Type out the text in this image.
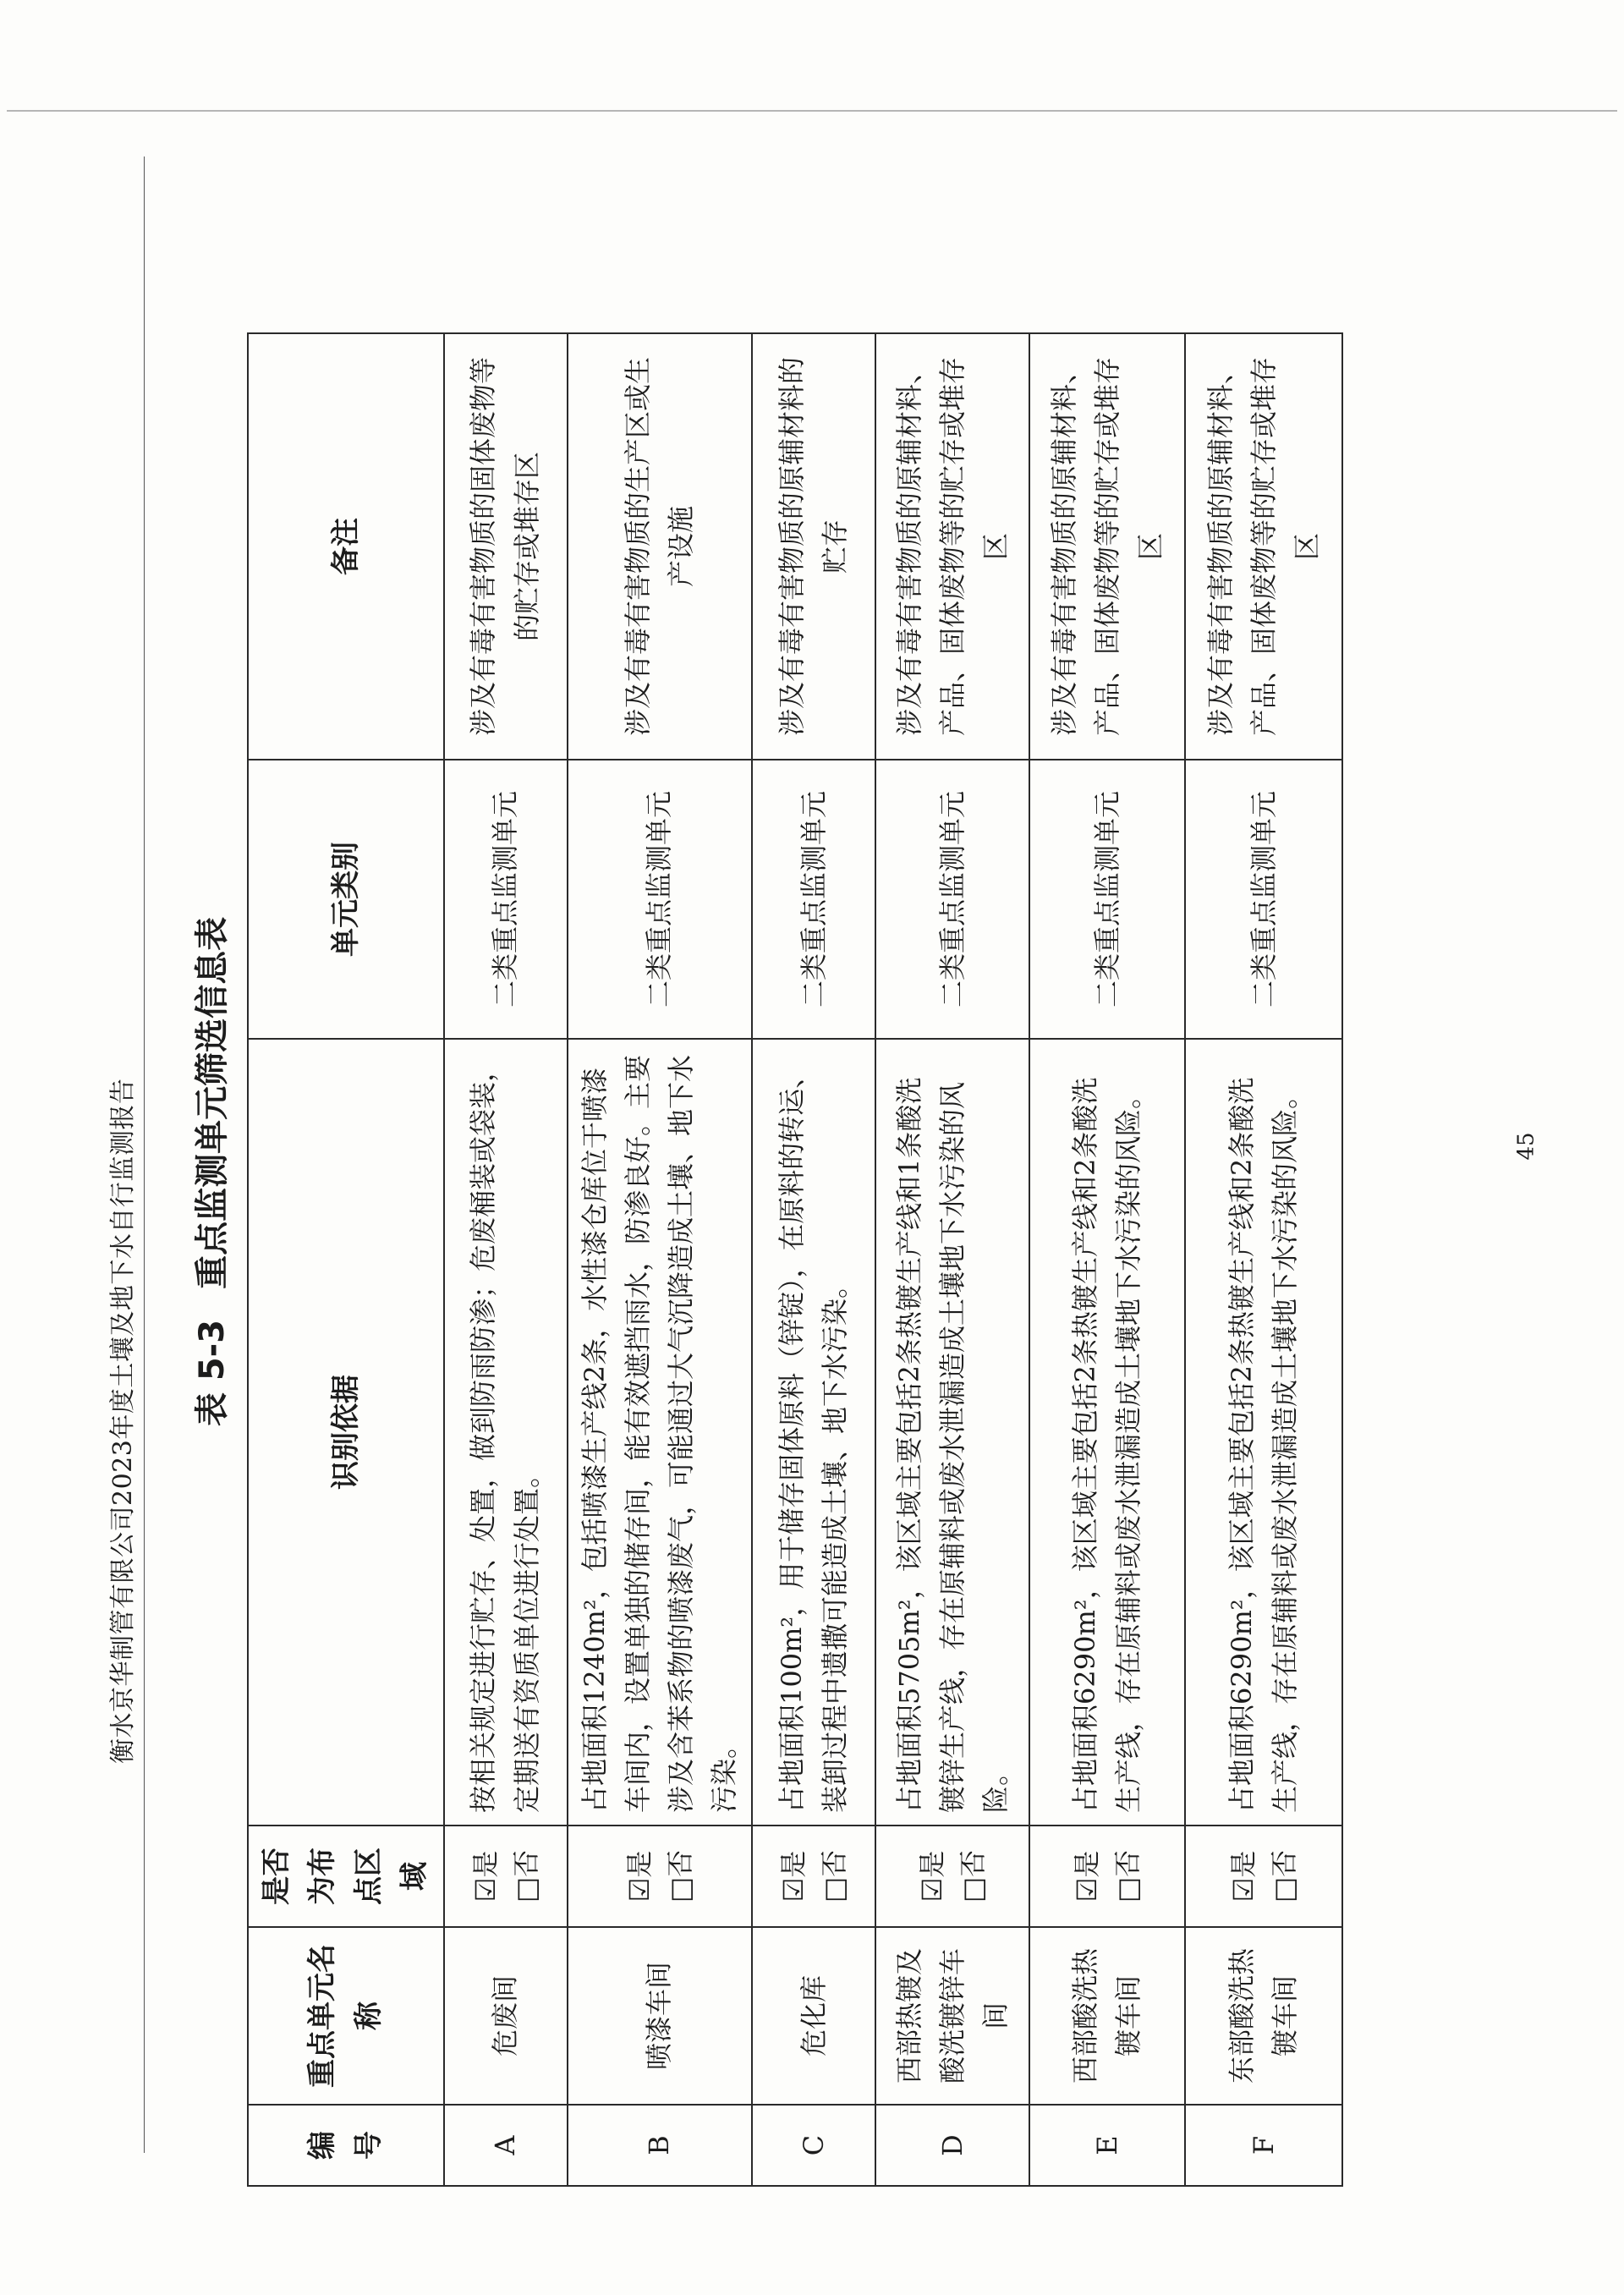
45
衡水京华制管有限公司2023年度土壤及地下水自行监测报告 表 5-3
重点监测单元筛选信息表
编号	重点单元名称	是否为布点区域	识别依据	单元类别	备注
A	危废间	☑是 □否	按相关规定进行贮存、处置，做到防雨防渗；危废桶装或袋装，定期送有资质单位进行处置。	二类重点监测单元	涉及有毒有害物质的固体废物等的贮存或堆存区
B	喷漆车间	☑是 □否	占地面积1240m²，包括喷漆生产线2条，水性漆仓库位于喷漆车间内，设置单独的储存间，能有效遮挡雨水，防渗良好。主要涉及含苯系物的喷漆废气，可能通过大气沉降造成土壤、地下水污染。	二类重点监测单元	涉及有毒有害物质的生产区或生产设施
C	危化库	☑是 □否	占地面积100m²，用于储存固体原料（锌锭），在原料的转运、装卸过程中遗撒可能造成土壤、地下水污染。	二类重点监测单元	涉及有毒有害物质的原辅材料的贮存
D	西部热镀及酸洗镀锌车间	☑是 □否	占地面积5705m²，该区域主要包括2条热镀生产线和1条酸洗镀锌生产线，存在原辅料或废水泄漏造成土壤地下水污染的风险。	二类重点监测单元	涉及有毒有害物质的原辅材料、产品、固体废物等的贮存或堆存区
E	西部酸洗热镀车间	☑是 □否	占地面积6290m²，该区域主要包括2条热镀生产线和2条酸洗生产线，存在原辅料或废水泄漏造成土壤地下水污染的风险。	二类重点监测单元	涉及有毒有害物质的原辅材料、产品、固体废物等的贮存或堆存区
F	东部酸洗热镀车间	☑是 □否	占地面积6290m²，该区域主要包括2条热镀生产线和2条酸洗生产线，存在原辅料或废水泄漏造成土壤地下水污染的风险。	二类重点监测单元	涉及有毒有害物质的原辅材料、产品、固体废物等的贮存或堆存区
